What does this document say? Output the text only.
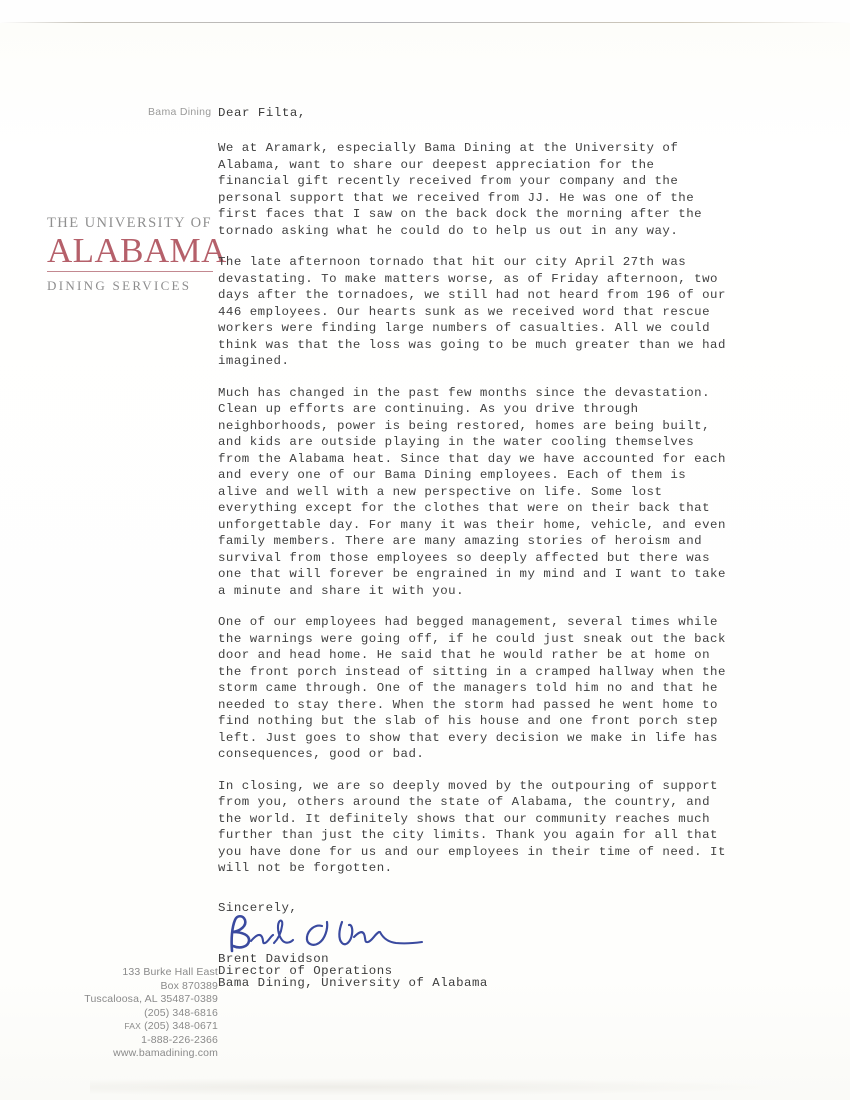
Bama Dining
THE UNIVERSITY OF
ALABAMA
DINING SERVICES
Dear Filta,

We at Aramark, especially Bama Dining at the University of Alabama, want to share our deepest appreciation for the financial gift recently received from your company and the personal support that we received from JJ. He was one of the first faces that I saw on the back dock the morning after the tornado asking what he could do to help us out in any way.

The late afternoon tornado that hit our city April 27th was devastating. To make matters worse, as of Friday afternoon, two days after the tornadoes, we still had not heard from 196 of our 446 employees. Our hearts sunk as we received word that rescue workers were finding large numbers of casualties. All we could think was that the loss was going to be much greater than we had imagined.

Much has changed in the past few months since the devastation. Clean up efforts are continuing. As you drive through neighborhoods, power is being restored, homes are being built, and kids are outside playing in the water cooling themselves from the Alabama heat. Since that day we have accounted for each and every one of our Bama Dining employees. Each of them is alive and well with a new perspective on life. Some lost everything except for the clothes that were on their back that unforgettable day. For many it was their home, vehicle, and even family members. There are many amazing stories of heroism and survival from those employees so deeply affected but there was one that will forever be engrained in my mind and I want to take a minute and share it with you.

One of our employees had begged management, several times while the warnings were going off, if he could just sneak out the back door and head home. He said that he would rather be at home on the front porch instead of sitting in a cramped hallway when the storm came through. One of the managers told him no and that he needed to stay there. When the storm had passed he went home to find nothing but the slab of his house and one front porch step left. Just goes to show that every decision we make in life has consequences, good or bad.

In closing, we are so deeply moved by the outpouring of support from you, others around the state of Alabama, the country, and the world. It definitely shows that our community reaches much further than just the city limits. Thank you again for all that you have done for us and our employees in their time of need. It will not be forgotten.

Sincerely,
Brent Davidson
Director of Operations
Bama Dining, University of Alabama
133 Burke Hall East
Box 870389
Tuscaloosa, AL 35487-0389
(205) 348-6816
FAX (205) 348-0671
1-888-226-2366
www.bamadining.com
